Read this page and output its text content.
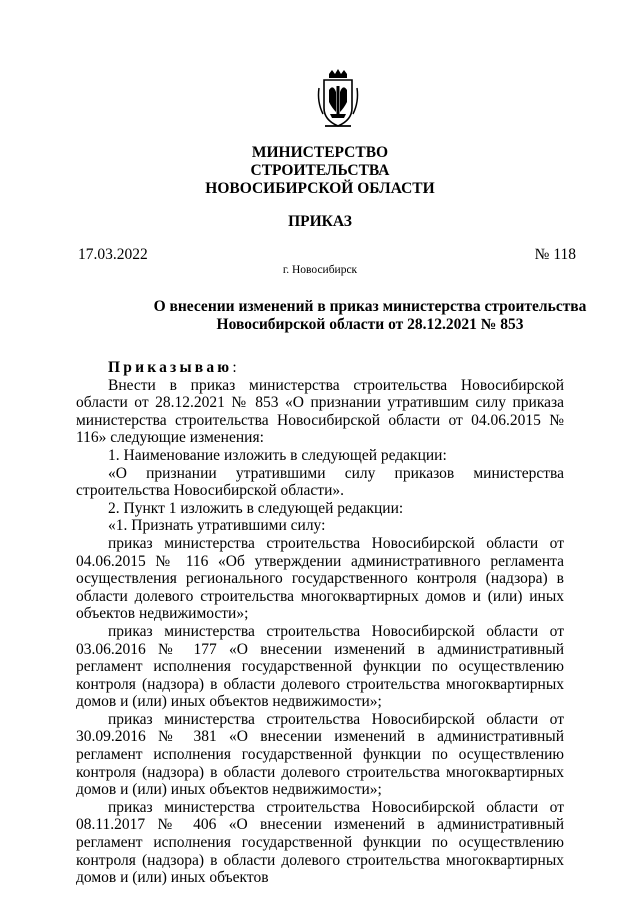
МИНИСТЕРСТВО
СТРОИТЕЛЬСТВА
НОВОСИБИРСКОЙ ОБЛАСТИ
ПРИКАЗ
17.03.2022	№ 118
г. Новосибирск
О внесении изменений в приказ министерства строительства
Новосибирской области от 28.12.2021 № 853

Приказываю:

Внести в приказ министерства строительства Новосибирской области от 28.12.2021 № 853 «О признании утратившим силу приказа министерства строительства Новосибирской области от 04.06.2015 № 116» следующие изменения:

1. Наименование изложить в следующей редакции:

«О признании утратившими силу приказов министерства строительства Новосибирской области».

2. Пункт 1 изложить в следующей редакции:

«1. Признать утратившими силу:

приказ министерства строительства Новосибирской области от 04.06.2015 № 116 «Об утверждении административного регламента осуществления регионального государственного контроля (надзора) в области долевого строительства многоквартирных домов и (или) иных объектов недвижимости»;

приказ министерства строительства Новосибирской области от 03.06.2016 № 177 «О внесении изменений в административный регламент исполнения государственной функции по осуществлению контроля (надзора) в области долевого строительства многоквартирных домов и (или) иных объектов недвижимости»;

приказ министерства строительства Новосибирской области от 30.09.2016 № 381 «О внесении изменений в административный регламент исполнения государственной функции по осуществлению контроля (надзора) в области долевого строительства многоквартирных домов и (или) иных объектов недвижимости»;

приказ министерства строительства Новосибирской области от 08.11.2017 № 406 «О внесении изменений в административный регламент исполнения государственной функции по осуществлению контроля (надзора) в области долевого строительства многоквартирных домов и (или) иных объектов
